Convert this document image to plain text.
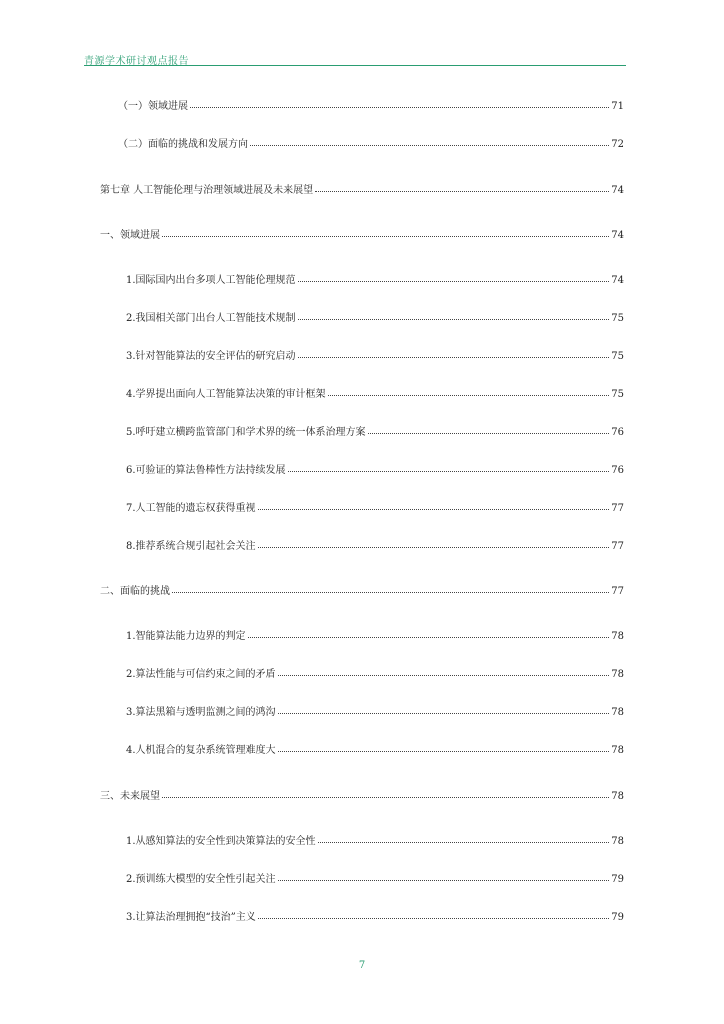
青源学术研讨观点报告
（一）领域进展	71
（二）面临的挑战和发展方向	72
第七章 人工智能伦理与治理领域进展及未来展望	74
一、领域进展	74
1.国际国内出台多项人工智能伦理规范	74
2.我国相关部门出台人工智能技术规制	75
3.针对智能算法的安全评估的研究启动	75
4.学界提出面向人工智能算法决策的审计框架	75
5.呼吁建立横跨监管部门和学术界的统一体系治理方案	76
6.可验证的算法鲁棒性方法持续发展	76
7.人工智能的遗忘权获得重视	77
8.推荐系统合规引起社会关注	77
二、面临的挑战	77
1.智能算法能力边界的判定	78
2.算法性能与可信约束之间的矛盾	78
3.算法黑箱与透明监测之间的鸿沟	78
4.人机混合的复杂系统管理难度大	78
三、未来展望	78
1.从感知算法的安全性到决策算法的安全性	78
2.预训练大模型的安全性引起关注	79
3.让算法治理拥抱“技治”主义	79
7
